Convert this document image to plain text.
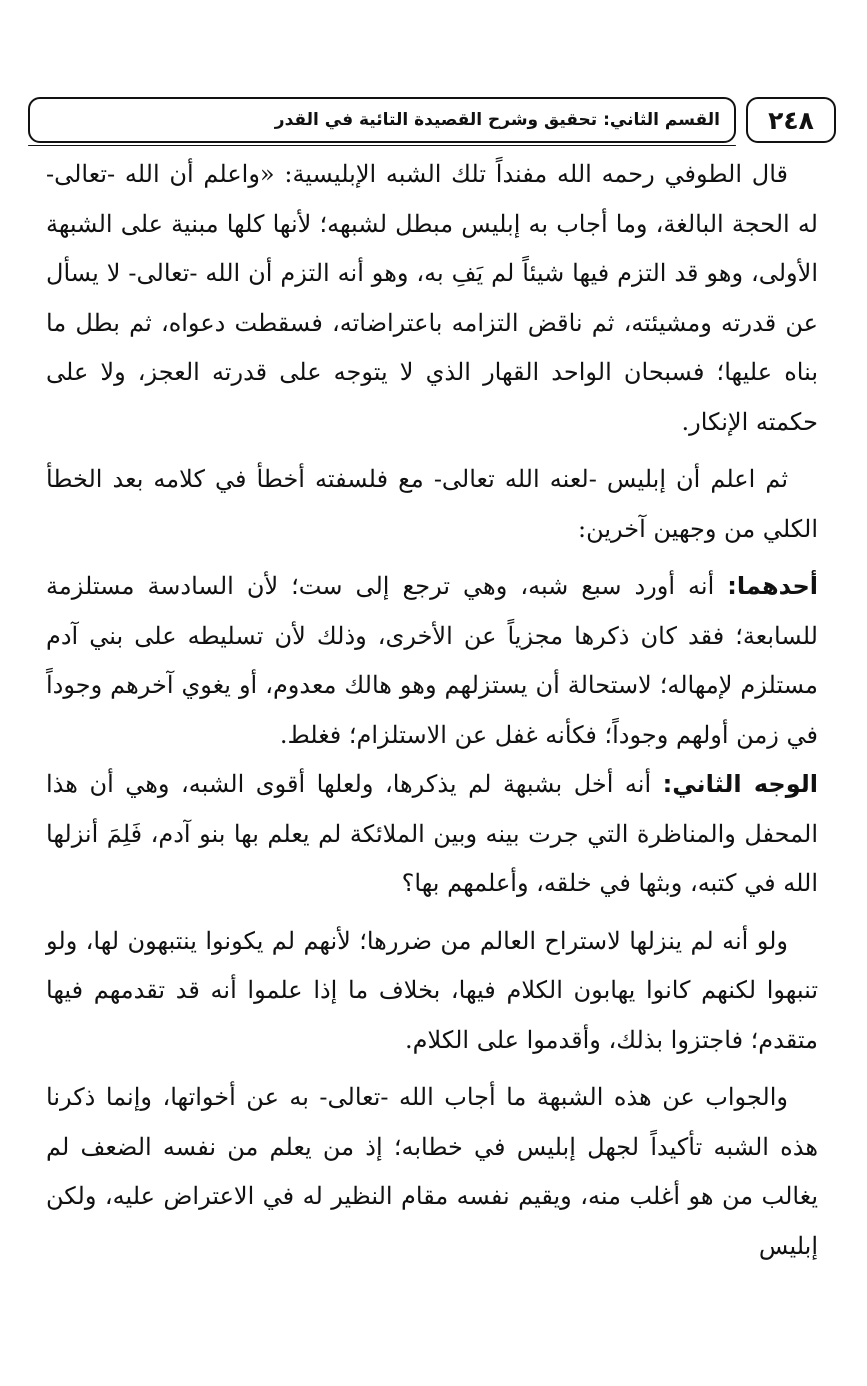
٢٤٨
القسم الثاني: تحقيق وشرح القصيدة التائية في القدر

قال الطوفي رحمه الله مفنداً تلك الشبه الإبليسية: «واعلم أن الله -تعالى- له الحجة البالغة، وما أجاب به إبليس مبطل لشبهه؛ لأنها كلها مبنية على الشبهة الأولى، وهو قد التزم فيها شيئاً لم يَفِ به، وهو أنه التزم أن الله -تعالى- لا يسأل عن قدرته ومشيئته، ثم ناقض التزامه باعتراضاته، فسقطت دعواه، ثم بطل ما بناه عليها؛ فسبحان الواحد القهار الذي لا يتوجه على قدرته العجز، ولا على حكمته الإنكار.

ثم اعلم أن إبليس -لعنه الله تعالى- مع فلسفته أخطأ في كلامه بعد الخطأ الكلي من وجهين آخرين:

أحدهما: أنه أورد سبع شبه، وهي ترجع إلى ست؛ لأن السادسة مستلزمة للسابعة؛ فقد كان ذكرها مجزياً عن الأخرى، وذلك لأن تسليطه على بني آدم مستلزم لإمهاله؛ لاستحالة أن يستزلهم وهو هالك معدوم، أو يغوي آخرهم وجوداً في زمن أولهم وجوداً؛ فكأنه غفل عن الاستلزام؛ فغلط.

الوجه الثاني: أنه أخل بشبهة لم يذكرها، ولعلها أقوى الشبه، وهي أن هذا المحفل والمناظرة التي جرت بينه وبين الملائكة لم يعلم بها بنو آدم، فَلِمَ أنزلها الله في كتبه، وبثها في خلقه، وأعلمهم بها؟

ولو أنه لم ينزلها لاستراح العالم من ضررها؛ لأنهم لم يكونوا ينتبهون لها، ولو تنبهوا لكنهم كانوا يهابون الكلام فيها، بخلاف ما إذا علموا أنه قد تقدمهم فيها متقدم؛ فاجتزوا بذلك، وأقدموا على الكلام.

والجواب عن هذه الشبهة ما أجاب الله -تعالى- به عن أخواتها، وإنما ذكرنا هذه الشبه تأكيداً لجهل إبليس في خطابه؛ إذ من يعلم من نفسه الضعف لم يغالب من هو أغلب منه، ويقيم نفسه مقام النظير له في الاعتراض عليه، ولكن إبليس
